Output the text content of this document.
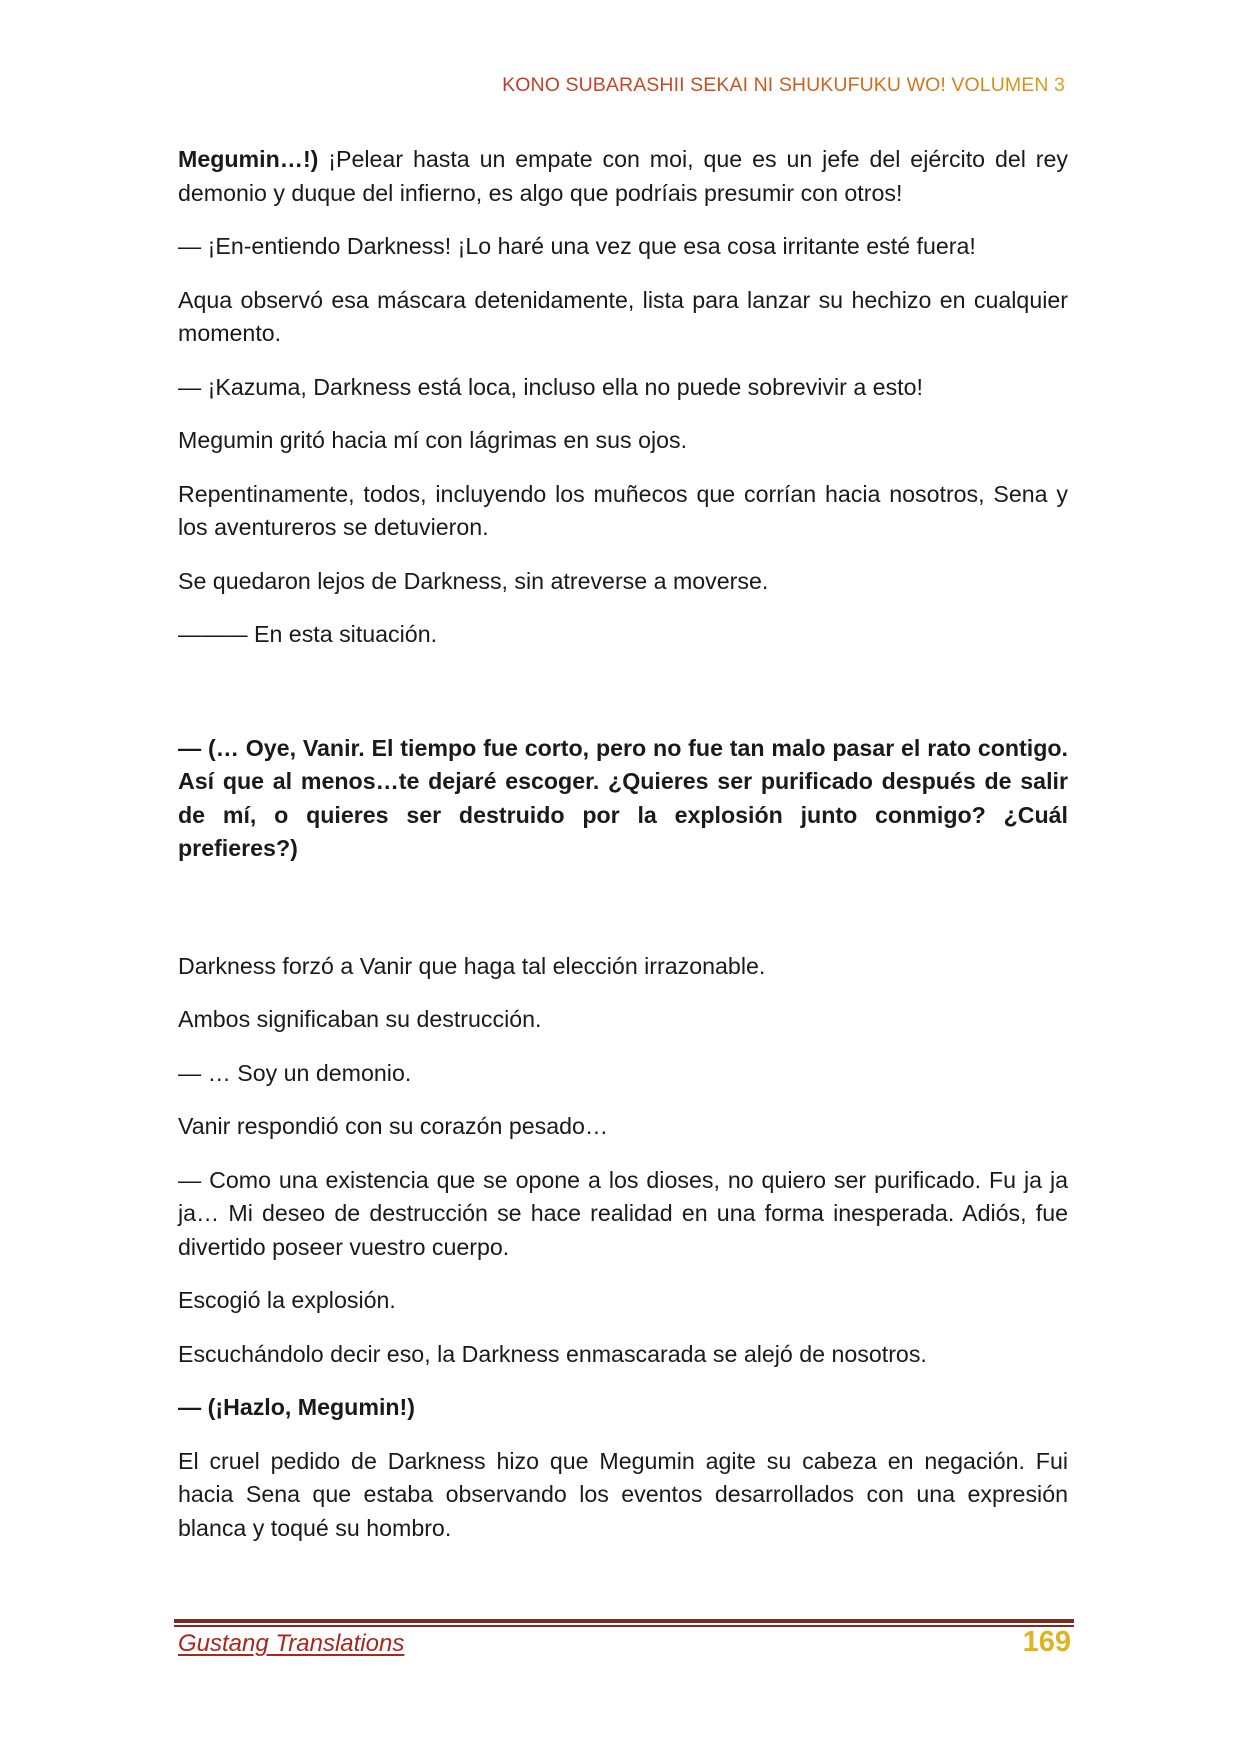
KONO SUBARASHII SEKAI NI SHUKUFUKU WO! VOLUMEN 3

Megumin…!) ¡Pelear hasta un empate con moi, que es un jefe del ejército del rey demonio y duque del infierno, es algo que podríais presumir con otros!

— ¡En-entiendo Darkness! ¡Lo haré una vez que esa cosa irritante esté fuera!

Aqua observó esa máscara detenidamente, lista para lanzar su hechizo en cualquier momento.

— ¡Kazuma, Darkness está loca, incluso ella no puede sobrevivir a esto!

Megumin gritó hacia mí con lágrimas en sus ojos.

Repentinamente, todos, incluyendo los muñecos que corrían hacia nosotros, Sena y los aventureros se detuvieron.

Se quedaron lejos de Darkness, sin atreverse a moverse.

——— En esta situación.

— (… Oye, Vanir. El tiempo fue corto, pero no fue tan malo pasar el rato contigo. Así que al menos…te dejaré escoger. ¿Quieres ser purificado después de salir de mí, o quieres ser destruido por la explosión junto conmigo? ¿Cuál prefieres?)

Darkness forzó a Vanir que haga tal elección irrazonable.

Ambos significaban su destrucción.

— … Soy un demonio.

Vanir respondió con su corazón pesado…

— Como una existencia que se opone a los dioses, no quiero ser purificado. Fu ja ja ja… Mi deseo de destrucción se hace realidad en una forma inesperada. Adiós, fue divertido poseer vuestro cuerpo.

Escogió la explosión.

Escuchándolo decir eso, la Darkness enmascarada se alejó de nosotros.

— (¡Hazlo, Megumin!)

El cruel pedido de Darkness hizo que Megumin agite su cabeza en negación. Fui hacia Sena que estaba observando los eventos desarrollados con una expresión blanca y toqué su hombro.

Gustang Translations	169
